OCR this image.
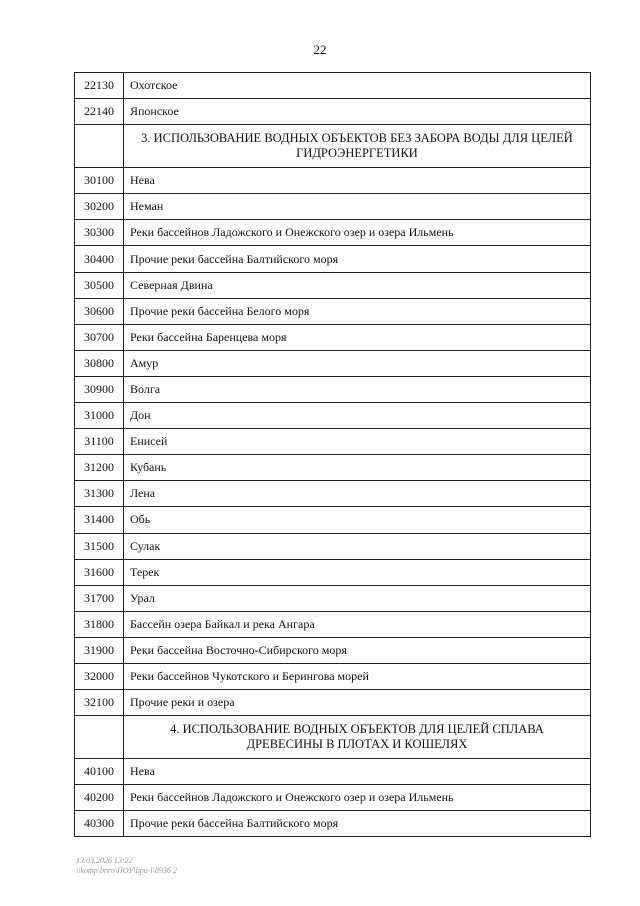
22
22130	Охотское
22140	Японское
	3. ИСПОЛЬЗОВАНИЕ ВОДНЫХ ОБЪЕКТОВ БЕЗ ЗАБОРА ВОДЫ ДЛЯ ЦЕЛЕЙ ГИДРОЭНЕРГЕТИКИ
30100	Нева
30200	Неман
30300	Реки бассейнов Ладожского и Онежского озер и озера Ильмень
30400	Прочие реки бассейна Балтийского моря
30500	Северная Двина
30600	Прочие реки бассейна Белого моря
30700	Реки бассейна Баренцева моря
30800	Амур
30900	Волга
31000	Дон
31100	Енисей
31200	Кубань
31300	Лена
31400	Обь
31500	Сулак
31600	Терек
31700	Урал
31800	Бассейн озера Байкал и река Ангара
31900	Реки бассейна Восточно-Сибирского моря
32000	Реки бассейнов Чукотского и Берингова морей
32100	Прочие реки и озера
	4. ИСПОЛЬЗОВАНИЕ ВОДНЫХ ОБЪЕКТОВ ДЛЯ ЦЕЛЕЙ СПЛАВА ДРЕВЕСИНЫ В ПЛОТАХ И КОШЕЛЯХ
40100	Нева
40200	Реки бассейнов Ладожского и Онежского озер и озера Ильмень
40300	Прочие реки бассейна Балтийского моря
13.03.2026 13:22
\\komp\bnro\ПОУ\bpu-l\8936 2
